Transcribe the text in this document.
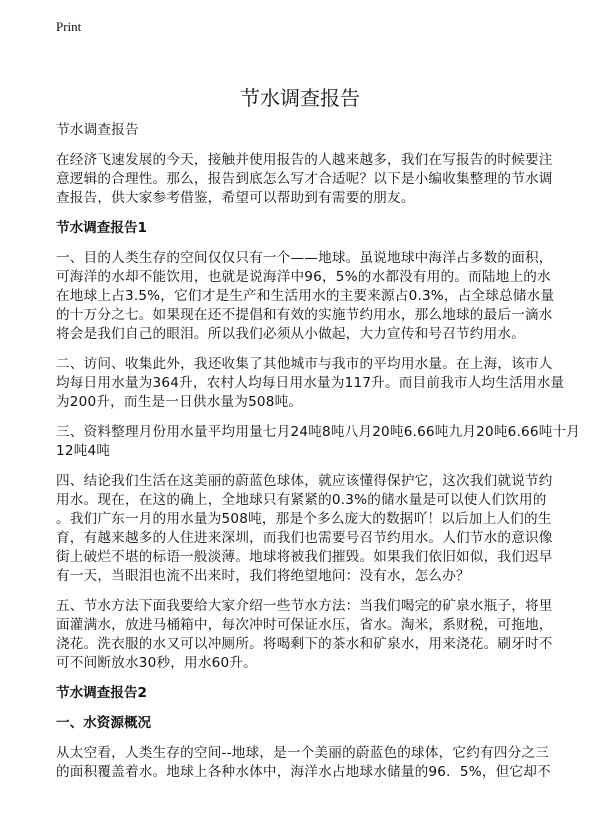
Print
节水调查报告
节水调查报告
在经济飞速发展的今天，接触并使用报告的人越来越多，我们在写报告的时候要注
意逻辑的合理性。那么，报告到底怎么写才合适呢？以下是小编收集整理的节水调
查报告，供大家参考借鉴，希望可以帮助到有需要的朋友。
节水调查报告1
一、目的人类生存的空间仅仅只有一个——地球。虽说地球中海洋占多数的面积，
可海洋的水却不能饮用，也就是说海洋中96，5%的水都没有用的。而陆地上的水
在地球上占3.5%，它们才是生产和生活用水的主要来源占0.3%，占全球总储水量
的十万分之七。如果现在还不提倡和有效的实施节约用水，那么地球的最后一滴水
将会是我们自己的眼泪。所以我们必须从小做起，大力宣传和号召节约用水。
二、访问、收集此外，我还收集了其他城市与我市的平均用水量。在上海，该市人
均每日用水量为364升，农村人均每日用水量为117升。而目前我市人均生活用水量
为200升，而生是一日供水量为508吨。
三、资料整理月份用水量平均用量七月24吨8吨八月20吨6.66吨九月20吨6.66吨十月
12吨4吨
四、结论我们生活在这美丽的蔚蓝色球体，就应该懂得保护它，这次我们就说节约
用水。现在，在这的确上，全地球只有紧紧的0.3%的储水量是可以使人们饮用的
。我们广东一月的用水量为508吨，那是个多么庞大的数据吖！以后加上人们的生
育，有越来越多的人住进来深圳，而我们也需要号召节约用水。人们节水的意识像
街上破烂不堪的标语一般淡薄。地球将被我们摧毁。如果我们依旧如似，我们迟早
有一天，当眼泪也流不出来时，我们将绝望地问：没有水，怎么办？
五、节水方法下面我要给大家介绍一些节水方法：当我们喝完的矿泉水瓶子，将里
面灌满水，放进马桶箱中，每次冲时可保证水压，省水。淘米，系财税，可拖地，
浇花。洗衣服的水又可以冲厕所。将喝剩下的茶水和矿泉水，用来浇花。刷牙时不
可不间断放水30秒，用水60升。
节水调查报告2
一、水资源概况
从太空看，人类生存的空间--地球，是一个美丽的蔚蓝色的球体，它约有四分之三
的面积覆盖着水。地球上各种水体中，海洋水占地球水储量的96．5%，但它却不
